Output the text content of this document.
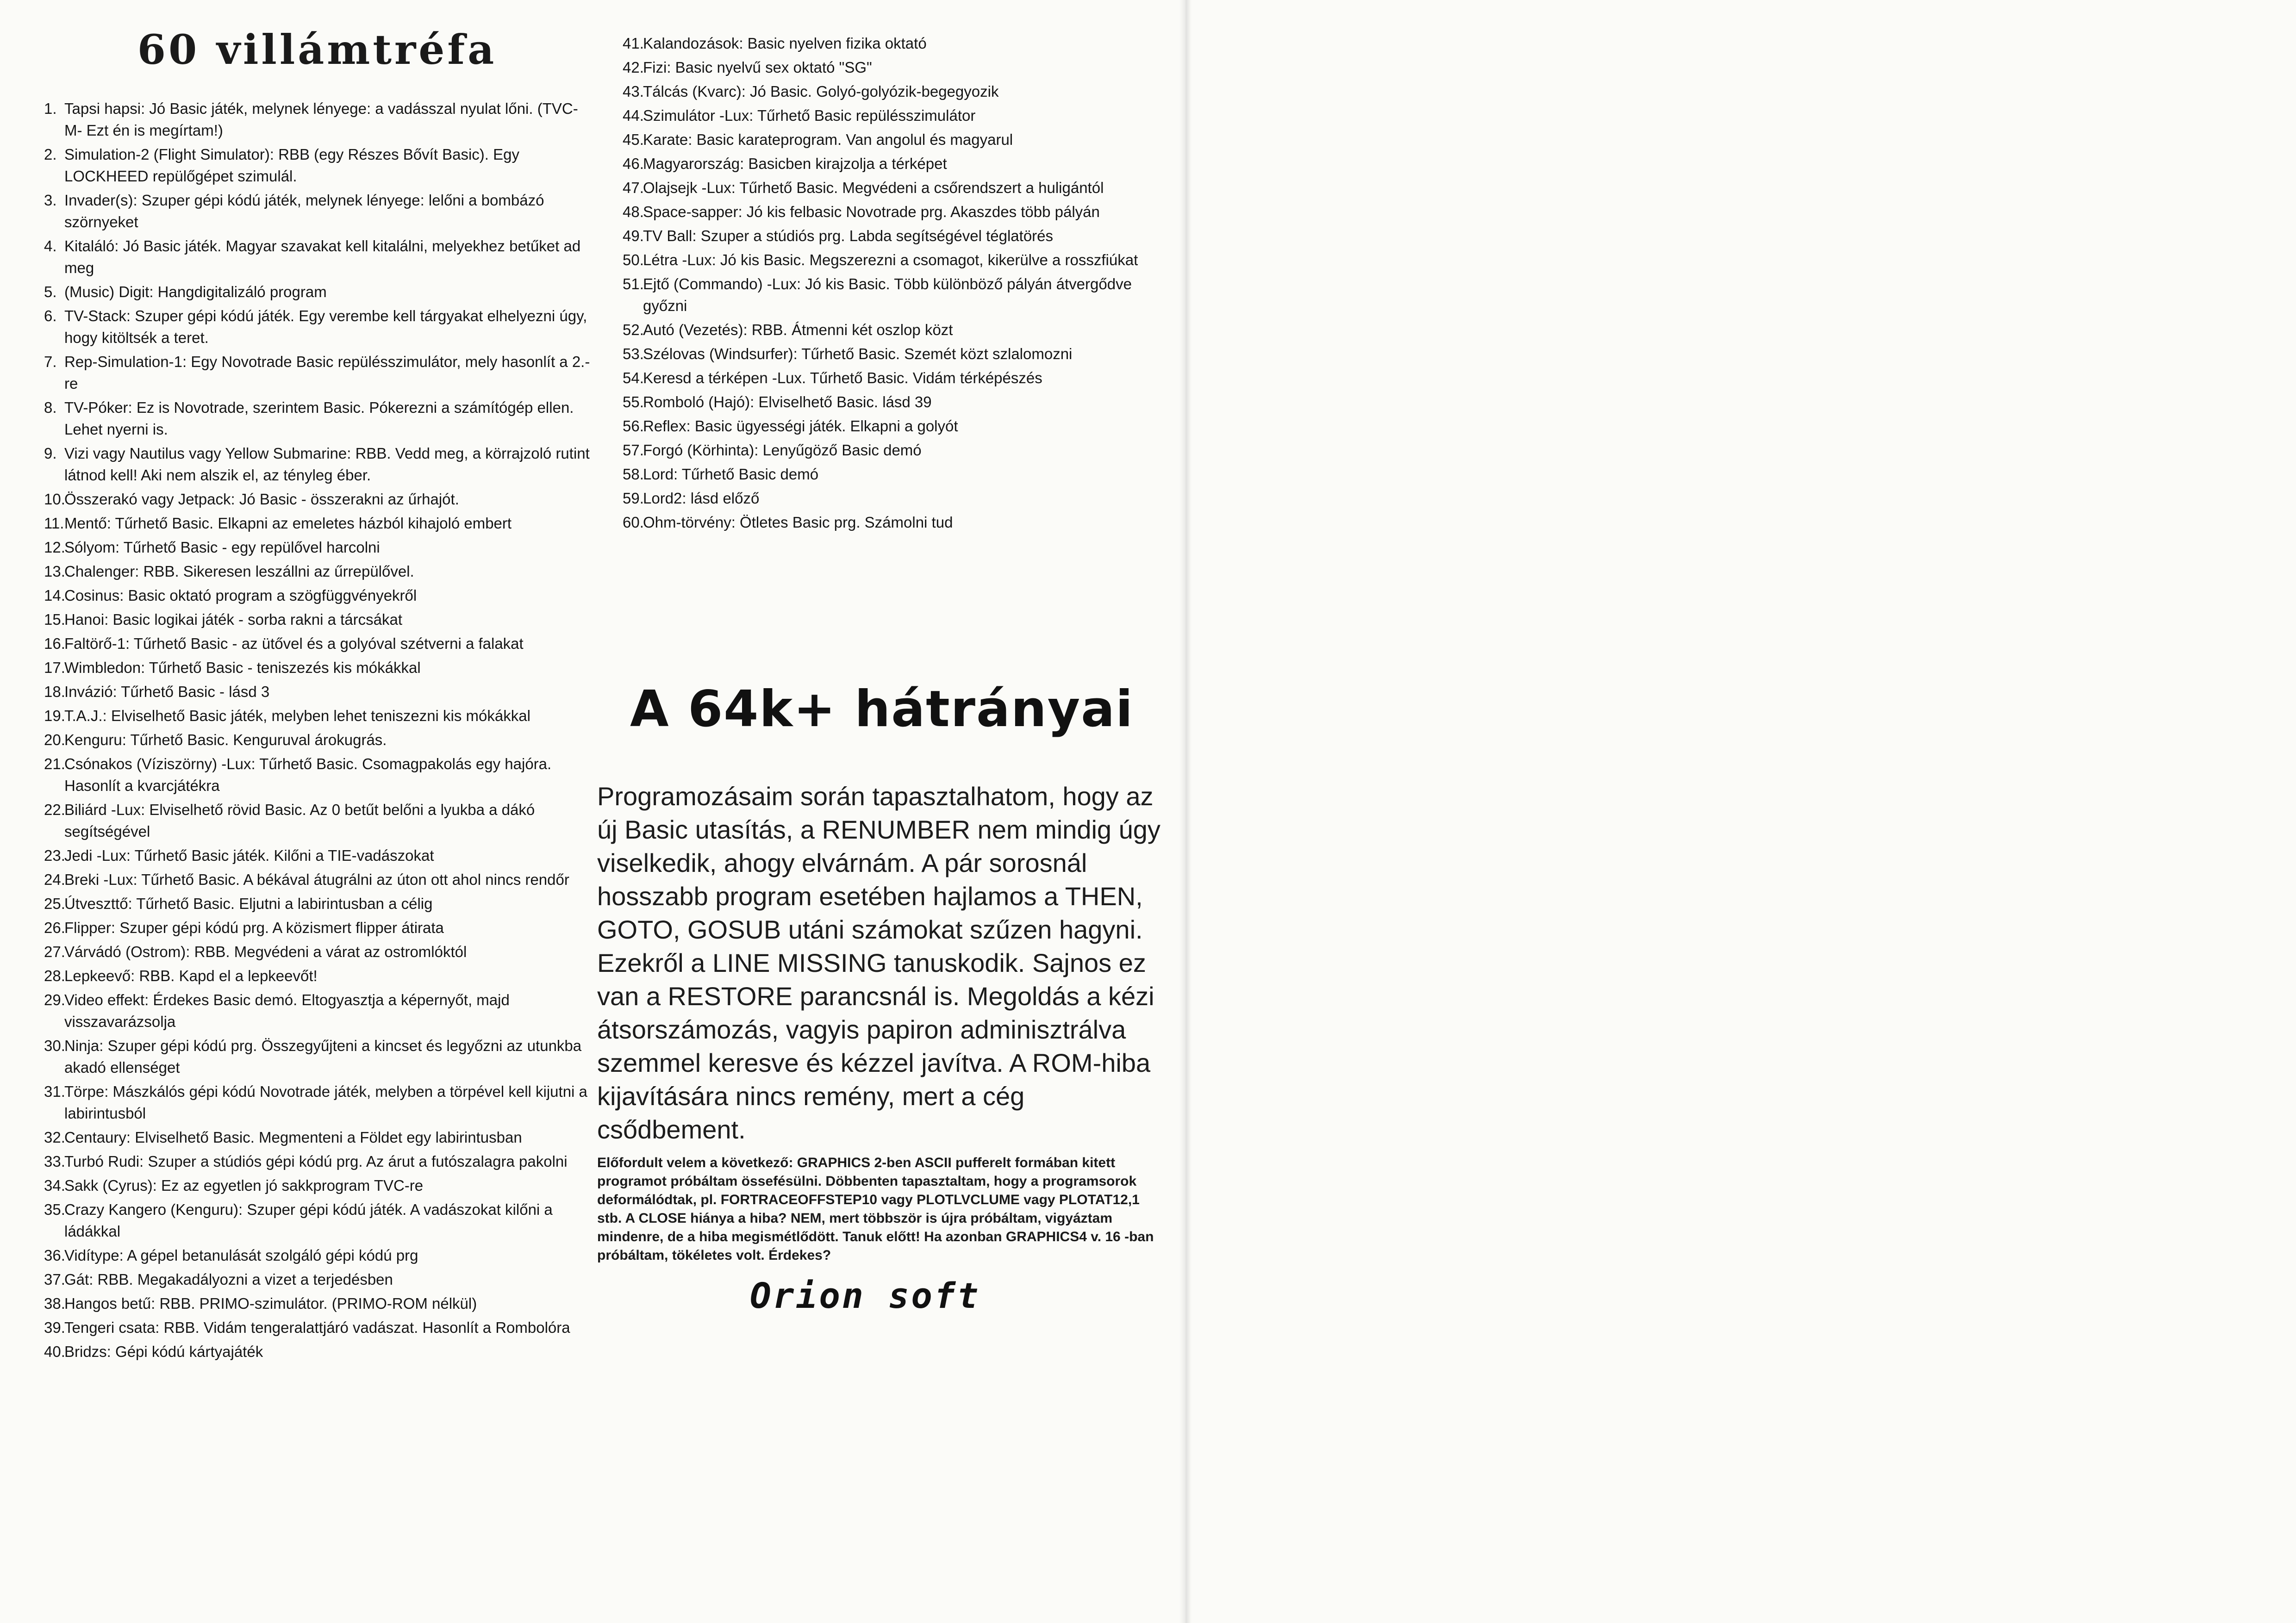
60 villámtréfa
1. Tapsi hapsi: Jó Basic játék, melynek lényege: a vadásszal nyulat lőni. (TVC-M- Ezt én is megírtam!)
2. Simulation-2 (Flight Simulator): RBB (egy Részes Bővít Basic). Egy LOCKHEED repülőgépet szimulál.
3. Invader(s): Szuper gépi kódú játék, melynek lényege: lelőni a bombázó szörnyeket
4. Kitaláló: Jó Basic játék. Magyar szavakat kell kitalálni, melyekhez betűket ad meg
5. (Music) Digit: Hangdigitalizáló program
6. TV-Stack: Szuper gépi kódú játék. Egy verembe kell tárgyakat elhelyezni úgy, hogy kitöltsék a teret.
7. Rep-Simulation-1: Egy Novotrade Basic repülésszimulátor, mely hasonlít a 2.-re
8. TV-Póker: Ez is Novotrade, szerintem Basic. Pókerezni a számítógép ellen. Lehet nyerni is.
9. Vizi vagy Nautilus vagy Yellow Submarine: RBB. Vedd meg, a körrajzoló rutint látnod kell! Aki nem alszik el, az tényleg éber.
10.Összerakó vagy Jetpack: Jó Basic - összerakni az űrhajót.
11.Mentő: Tűrhető Basic. Elkapni az emeletes házból kihajoló embert
12.Sólyom: Tűrhető Basic - egy repülővel harcolni
13.Chalenger: RBB. Sikeresen leszállni az űrrepülővel.
14.Cosinus: Basic oktató program a szögfüggvényekről
15.Hanoi: Basic logikai játék - sorba rakni a tárcsákat
16.Faltörő-1: Tűrhető Basic - az ütővel és a golyóval szétverni a falakat
17.Wimbledon: Tűrhető Basic - teniszezés kis mókákkal
18.Invázió: Tűrhető Basic - lásd 3
19.T.A.J.: Elviselhető Basic játék, melyben lehet teniszezni kis mókákkal
20.Kenguru: Tűrhető Basic. Kenguruval árokugrás.
21.Csónakos (Víziszörny) -Lux: Tűrhető Basic. Csomagpakolás egy hajóra. Hasonlít a kvarcjátékra
22.Biliárd -Lux: Elviselhető rövid Basic. Az 0 betűt belőni a lyukba a dákó segítségével
23.Jedi -Lux: Tűrhető Basic játék. Kilőni a TIE-vadászokat
24.Breki -Lux: Tűrhető Basic. A békával átugrálni az úton ott ahol nincs rendőr
25.Útveszttő: Tűrhető Basic. Eljutni a labirintusban a célig
26.Flipper: Szuper gépi kódú prg. A közismert flipper átirata
27.Várvádó (Ostrom): RBB. Megvédeni a várat az ostromlóktól
28.Lepkeevő: RBB. Kapd el a lepkeevőt!
29.Video effekt: Érdekes Basic demó. Eltogyasztja a képernyőt, majd visszavarázsolja
30.Ninja: Szuper gépi kódú prg. Összegyűjteni a kincset és legyőzni az utunkba akadó ellenséget
31.Törpe: Mászkálós gépi kódú Novotrade játék, melyben a törpével kell kijutni a labirintusból
32.Centaury: Elviselhető Basic. Megmenteni a Földet egy labirintusban
33.Turbó Rudi: Szuper a stúdiós gépi kódú prg. Az árut a futószalagra pakolni
34.Sakk (Cyrus): Ez az egyetlen jó sakkprogram TVC-re
35.Crazy Kangero (Kenguru): Szuper gépi kódú játék. A vadászokat kilőni a ládákkal
36.Vidítype: A gépel betanulását szolgáló gépi kódú prg
37.Gát: RBB. Megakadályozni a vizet a terjedésben
38.Hangos betű: RBB. PRIMO-szimulátor. (PRIMO-ROM nélkül)
39.Tengeri csata: RBB. Vidám tengeralattjáró vadászat. Hasonlít a Rombolóra
40.Bridzs: Gépi kódú kártyajáték
41.Kalandozások: Basic nyelven fizika oktató
42.Fizi: Basic nyelvű sex oktató "SG"
43.Tálcás (Kvarc): Jó Basic. Golyó-golyózik-begegyozik
44.Szimulátor -Lux: Tűrhető Basic repülésszimulátor
45.Karate: Basic karateprogram. Van angolul és magyarul
46.Magyarország: Basicben kirajzolja a térképet
47.Olajsejk -Lux: Tűrhető Basic. Megvédeni a csőrendszert a huligántól
48.Space-sapper: Jó kis felbasic Novotrade prg. Akaszdes több pályán
49.TV Ball: Szuper a stúdiós prg. Labda segítségével téglatörés
50.Létra -Lux: Jó kis Basic. Megszerezni a csomagot, kikerülve a rosszfiúkat
51.Ejtő (Commando) -Lux: Jó kis Basic. Több különböző pályán átvergődve győzni
52.Autó (Vezetés): RBB. Átmenni két oszlop közt
53.Szélovas (Windsurfer): Tűrhető Basic. Szemét közt szlalomozni
54.Keresd a térképen -Lux. Tűrhető Basic. Vidám térképészés
55.Romboló (Hajó): Elviselhető Basic. lásd 39
56.Reflex: Basic ügyességi játék. Elkapni a golyót
57.Forgó (Körhinta): Lenyűgöző Basic demó
58.Lord: Tűrhető Basic demó
59.Lord2: lásd előző
60.Ohm-törvény: Ötletes Basic prg. Számolni tud
A 64k+ hátrányai

Programozásaim során tapasztalhatom, hogy az új Basic utasítás, a RENUMBER nem mindig úgy viselkedik, ahogy elvárnám. A pár sorosnál hosszabb program esetében hajlamos a THEN, GOTO, GOSUB utáni számokat szűzen hagyni. Ezekről a LINE MISSING tanuskodik. Sajnos ez van a RESTORE parancsnál is. Megoldás a kézi átsorszámozás, vagyis papiron adminisztrálva szemmel keresve és kézzel javítva. A ROM-hiba kijavítására nincs remény, mert a cég csődbement.

Előfordult velem a következő: GRAPHICS 2-ben ASCII pufferelt formában kitett programot próbáltam össefésülni. Döbbenten tapasztaltam, hogy a programsorok deformálódtak, pl. FORTRACEOFFSTEP10 vagy PLOTLVCLUME vagy PLOTAT12,1 stb. A CLOSE hiánya a hiba? NEM, mert többször is újra próbáltam, vigyáztam mindenre, de a hiba megismétlődött. Tanuk előtt! Ha azonban GRAPHICS4 v. 16 -ban próbáltam, tökéletes volt. Érdekes?

Orion soft
